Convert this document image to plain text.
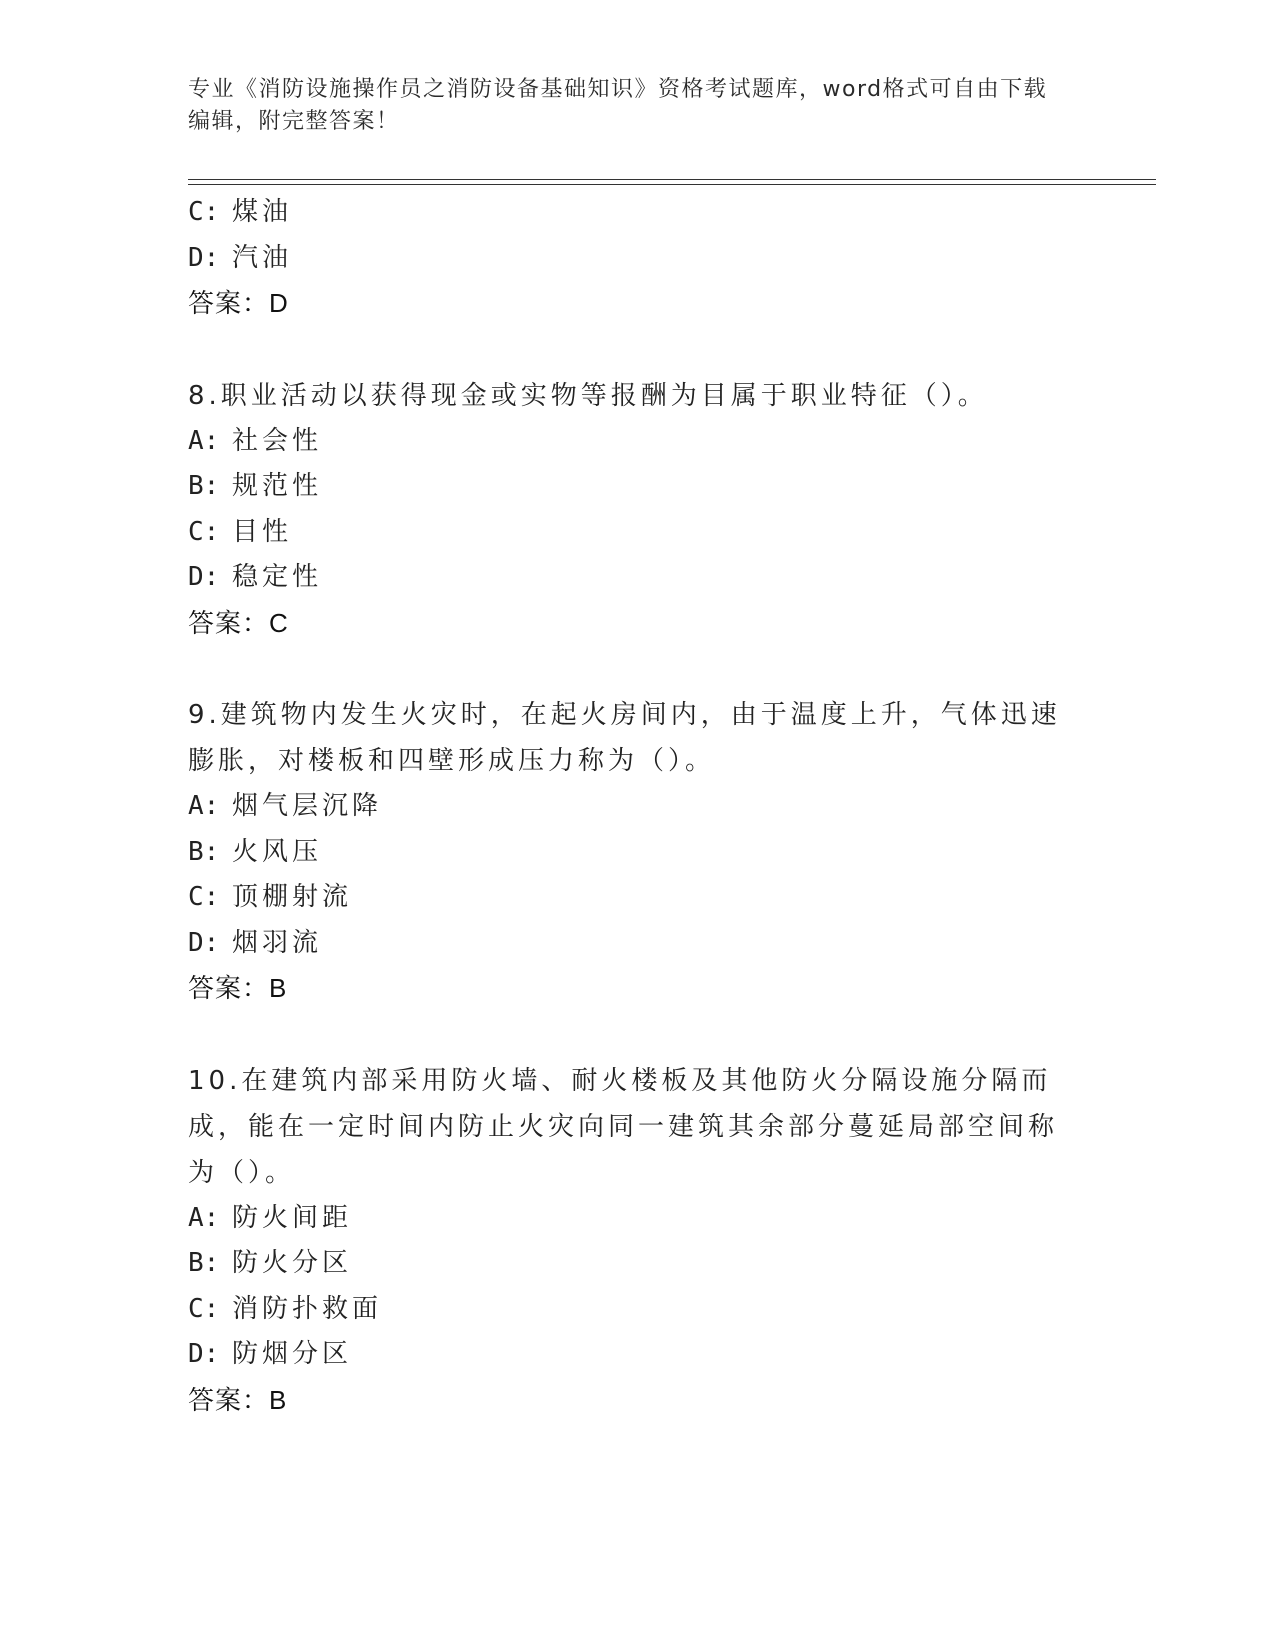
专业《消防设施操作员之消防设备基础知识》资格考试题库，word格式可自由下载编辑，附完整答案！
C: 煤油
D: 汽油
答案：D
8.职业活动以获得现金或实物等报酬为目属于职业特征（）。
A: 社会性
B: 规范性
C: 目性
D: 稳定性
答案：C
9.建筑物内发生火灾时，在起火房间内，由于温度上升，气体迅速膨胀，对楼板和四壁形成压力称为（）。
A: 烟气层沉降
B: 火风压
C: 顶棚射流
D: 烟羽流
答案：B
10.在建筑内部采用防火墙、耐火楼板及其他防火分隔设施分隔而成，能在一定时间内防止火灾向同一建筑其余部分蔓延局部空间称为（）。
A: 防火间距
B: 防火分区
C: 消防扑救面
D: 防烟分区
答案：B
